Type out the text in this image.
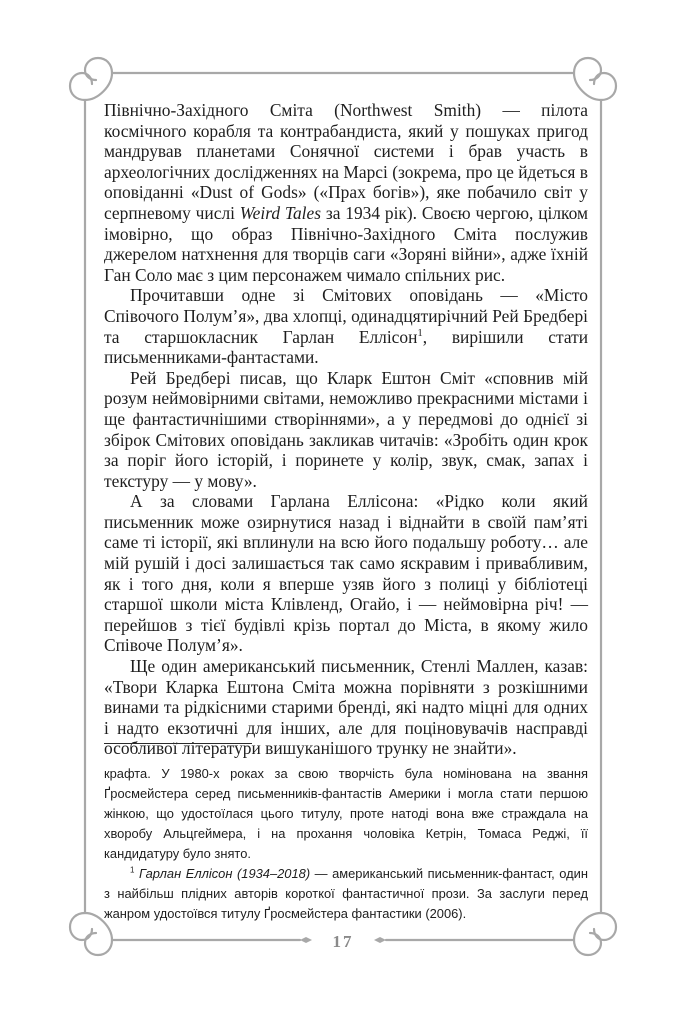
Північно-Західного Сміта (Northwest Smith) — пілота космічного корабля та контрабандиста, який у пошуках пригод мандрував планетами Сонячної системи і брав участь в археологічних дослідженнях на Марсі (зокрема, про це йдеться в оповіданні «Dust of Gods» («Прах богів»), яке побачило світ у серпневому числі Weird Tales за 1934 рік). Своєю чергою, цілком імовірно, що образ Північно-Західного Сміта послужив джерелом натхнення для творців саги «Зоряні війни», адже їхній Ган Соло має з цим персонажем чимало спільних рис.

Прочитавши одне зі Смітових оповідань — «Місто Співочого Полум’я», два хлопці, одинадцятирічний Рей Бредбері та старшокласник Гарлан Еллісон$^1$, вирішили стати письменниками-фантастами.

Рей Бредбері писав, що Кларк Ештон Сміт «сповнив мій розум неймовірними світами, неможливо прекрасними містами і ще фантастичнішими створіннями», а у передмові до однієї зі збірок Смітових оповідань закликав читачів: «Зробіть один крок за поріг його історій, і поринете у колір, звук, смак, запах і текстуру — у мову».

А за словами Гарлана Еллісона: «Рідко коли який письменник може озирнутися назад і віднайти в своїй пам’яті саме ті історії, які вплинули на всю його подальшу роботу… але мій рушій і досі залишається так само яскравим і привабливим, як і того дня, коли я вперше узяв його з полиці у бібліотеці старшої школи міста Клівленд, Огайо, і — неймовірна річ! — перейшов з тієї будівлі крізь портал до Міста, в якому жило Співоче Полум’я».

Ще один американський письменник, Стенлі Маллен, казав: «Твори Кларка Ештона Сміта можна порівняти з розкішними винами та рідкісними старими бренді, які надто міцні для одних і надто екзотичні для інших, але для поціновувачів насправді особливої літератури вишуканішого трунку не знайти».

крафта. У 1980-х роках за свою творчість була номінована на звання Ґросмейстера серед письменників-фантастів Америки і могла стати першою жінкою, що удостоїлася цього титулу, проте натоді вона вже страждала на хворобу Альцгеймера, і на прохання чоловіка Кетрін, Томаса Реджі, її кандидатуру було знято.

$^1$ Гарлан Еллісон (1934–2018) — американський письменник-фантаст, один з найбільш плідних авторів короткої фантастичної прози. За заслуги перед жанром удостоївся титулу Ґросмейстера фантастики (2006).

17
